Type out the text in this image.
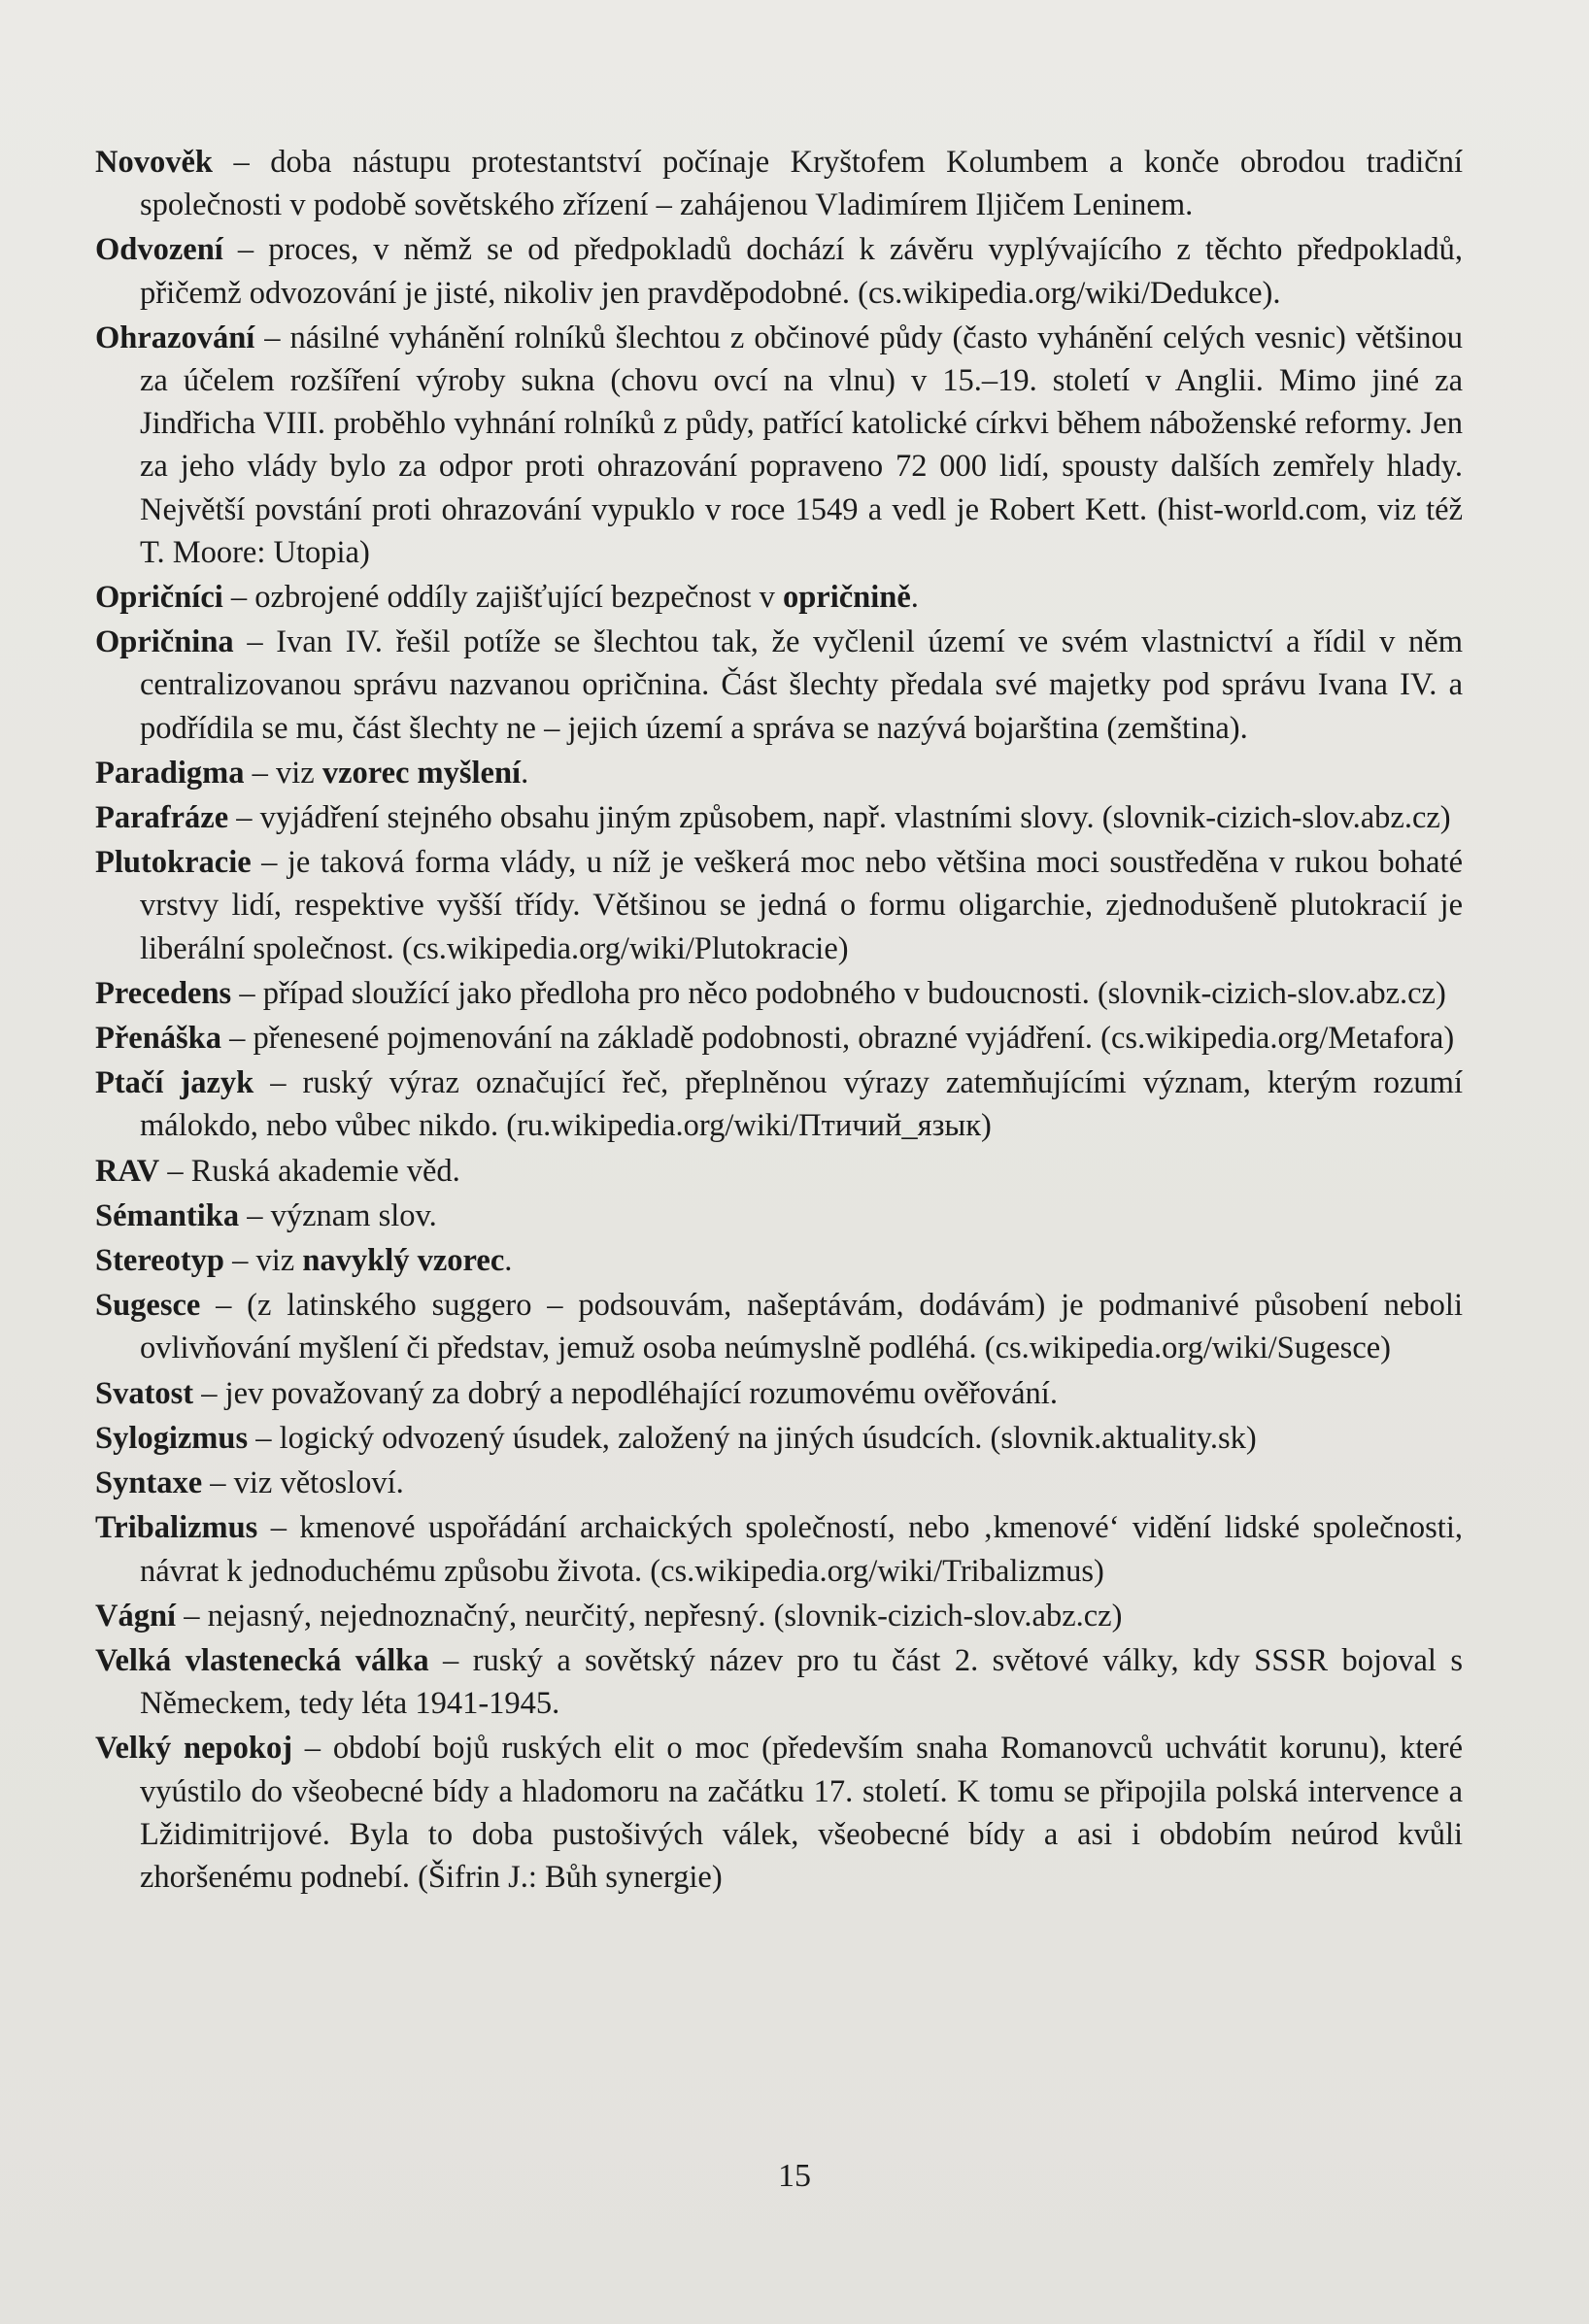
Novověk – doba nástupu protestantství počínaje Kryštofem Kolumbem a konče obrodou tradiční společnosti v podobě sovětského zřízení – zahájenou Vladimírem Iljičem Leninem.

Odvození – proces, v němž se od předpokladů dochází k závěru vyplývajícího z těchto předpokladů, přičemž odvozování je jisté, nikoliv jen pravděpodobné. (cs.wikipedia.org/wiki/Dedukce).

Ohrazování – násilné vyhánění rolníků šlechtou z občinové půdy (často vyhánění celých vesnic) většinou za účelem rozšíření výroby sukna (chovu ovcí na vlnu) v 15.–19. století v Anglii. Mimo jiné za Jindřicha VIII. proběhlo vyhnání rolníků z půdy, patřící katolické církvi během náboženské reformy. Jen za jeho vlády bylo za odpor proti ohrazování popraveno 72 000 lidí, spousty dalších zemřely hlady. Největší povstání proti ohrazování vypuklo v roce 1549 a vedl je Robert Kett. (hist-world.com, viz též T. Moore: Utopia)

Opričníci – ozbrojené oddíly zajišťující bezpečnost v opričnině.

Opričnina – Ivan IV. řešil potíže se šlechtou tak, že vyčlenil území ve svém vlastnictví a řídil v něm centralizovanou správu nazvanou opričnina. Část šlechty předala své majetky pod správu Ivana IV. a podřídila se mu, část šlechty ne – jejich území a správa se nazývá bojarština (zemština).

Paradigma – viz vzorec myšlení.

Parafráze – vyjádření stejného obsahu jiným způsobem, např. vlastními slovy. (slovnik-cizich-slov.abz.cz)

Plutokracie – je taková forma vlády, u níž je veškerá moc nebo většina moci soustředěna v rukou bohaté vrstvy lidí, respektive vyšší třídy. Většinou se jedná o formu oligarchie, zjednodušeně plutokracií je liberální společnost. (cs.wikipedia.org/wiki/Plutokracie)

Precedens – případ sloužící jako předloha pro něco podobného v budoucnosti. (slovnik-cizich-slov.abz.cz)

Přenáška – přenesené pojmenování na základě podobnosti, obrazné vyjádření. (cs.wikipedia.org/Metafora)

Ptačí jazyk – ruský výraz označující řeč, přeplněnou výrazy zatemňujícími význam, kterým rozumí málokdo, nebo vůbec nikdo. (ru.wikipedia.org/wiki/Птичий_язык)

RAV – Ruská akademie věd.

Sémantika – význam slov.

Stereotyp – viz navyklý vzorec.

Sugesce – (z latinského suggero – podsouvám, našeptávám, dodávám) je podmanivé působení neboli ovlivňování myšlení či představ, jemuž osoba neúmyslně podléhá. (cs.wikipedia.org/wiki/Sugesce)

Svatost – jev považovaný za dobrý a nepodléhající rozumovému ověřování.

Sylogizmus – logický odvozený úsudek, založený na jiných úsudcích. (slovnik.aktuality.sk)

Syntaxe – viz větosloví.

Tribalizmus – kmenové uspořádání archaických společností, nebo ‚kmenové‘ vidění lidské společnosti, návrat k jednoduchému způsobu života. (cs.wikipedia.org/wiki/Tribalizmus)

Vágní – nejasný, nejednoznačný, neurčitý, nepřesný. (slovnik-cizich-slov.abz.cz)

Velká vlastenecká válka – ruský a sovětský název pro tu část 2. světové války, kdy SSSR bojoval s Německem, tedy léta 1941-1945.

Velký nepokoj – období bojů ruských elit o moc (především snaha Romanovců uchvátit korunu), které vyústilo do všeobecné bídy a hladomoru na začátku 17. století. K tomu se připojila polská intervence a Lžidimitrijové. Byla to doba pustošivých válek, všeobecné bídy a asi i obdobím neúrod kvůli zhoršenému podnebí. (Šifrin J.: Bůh synergie)

15
